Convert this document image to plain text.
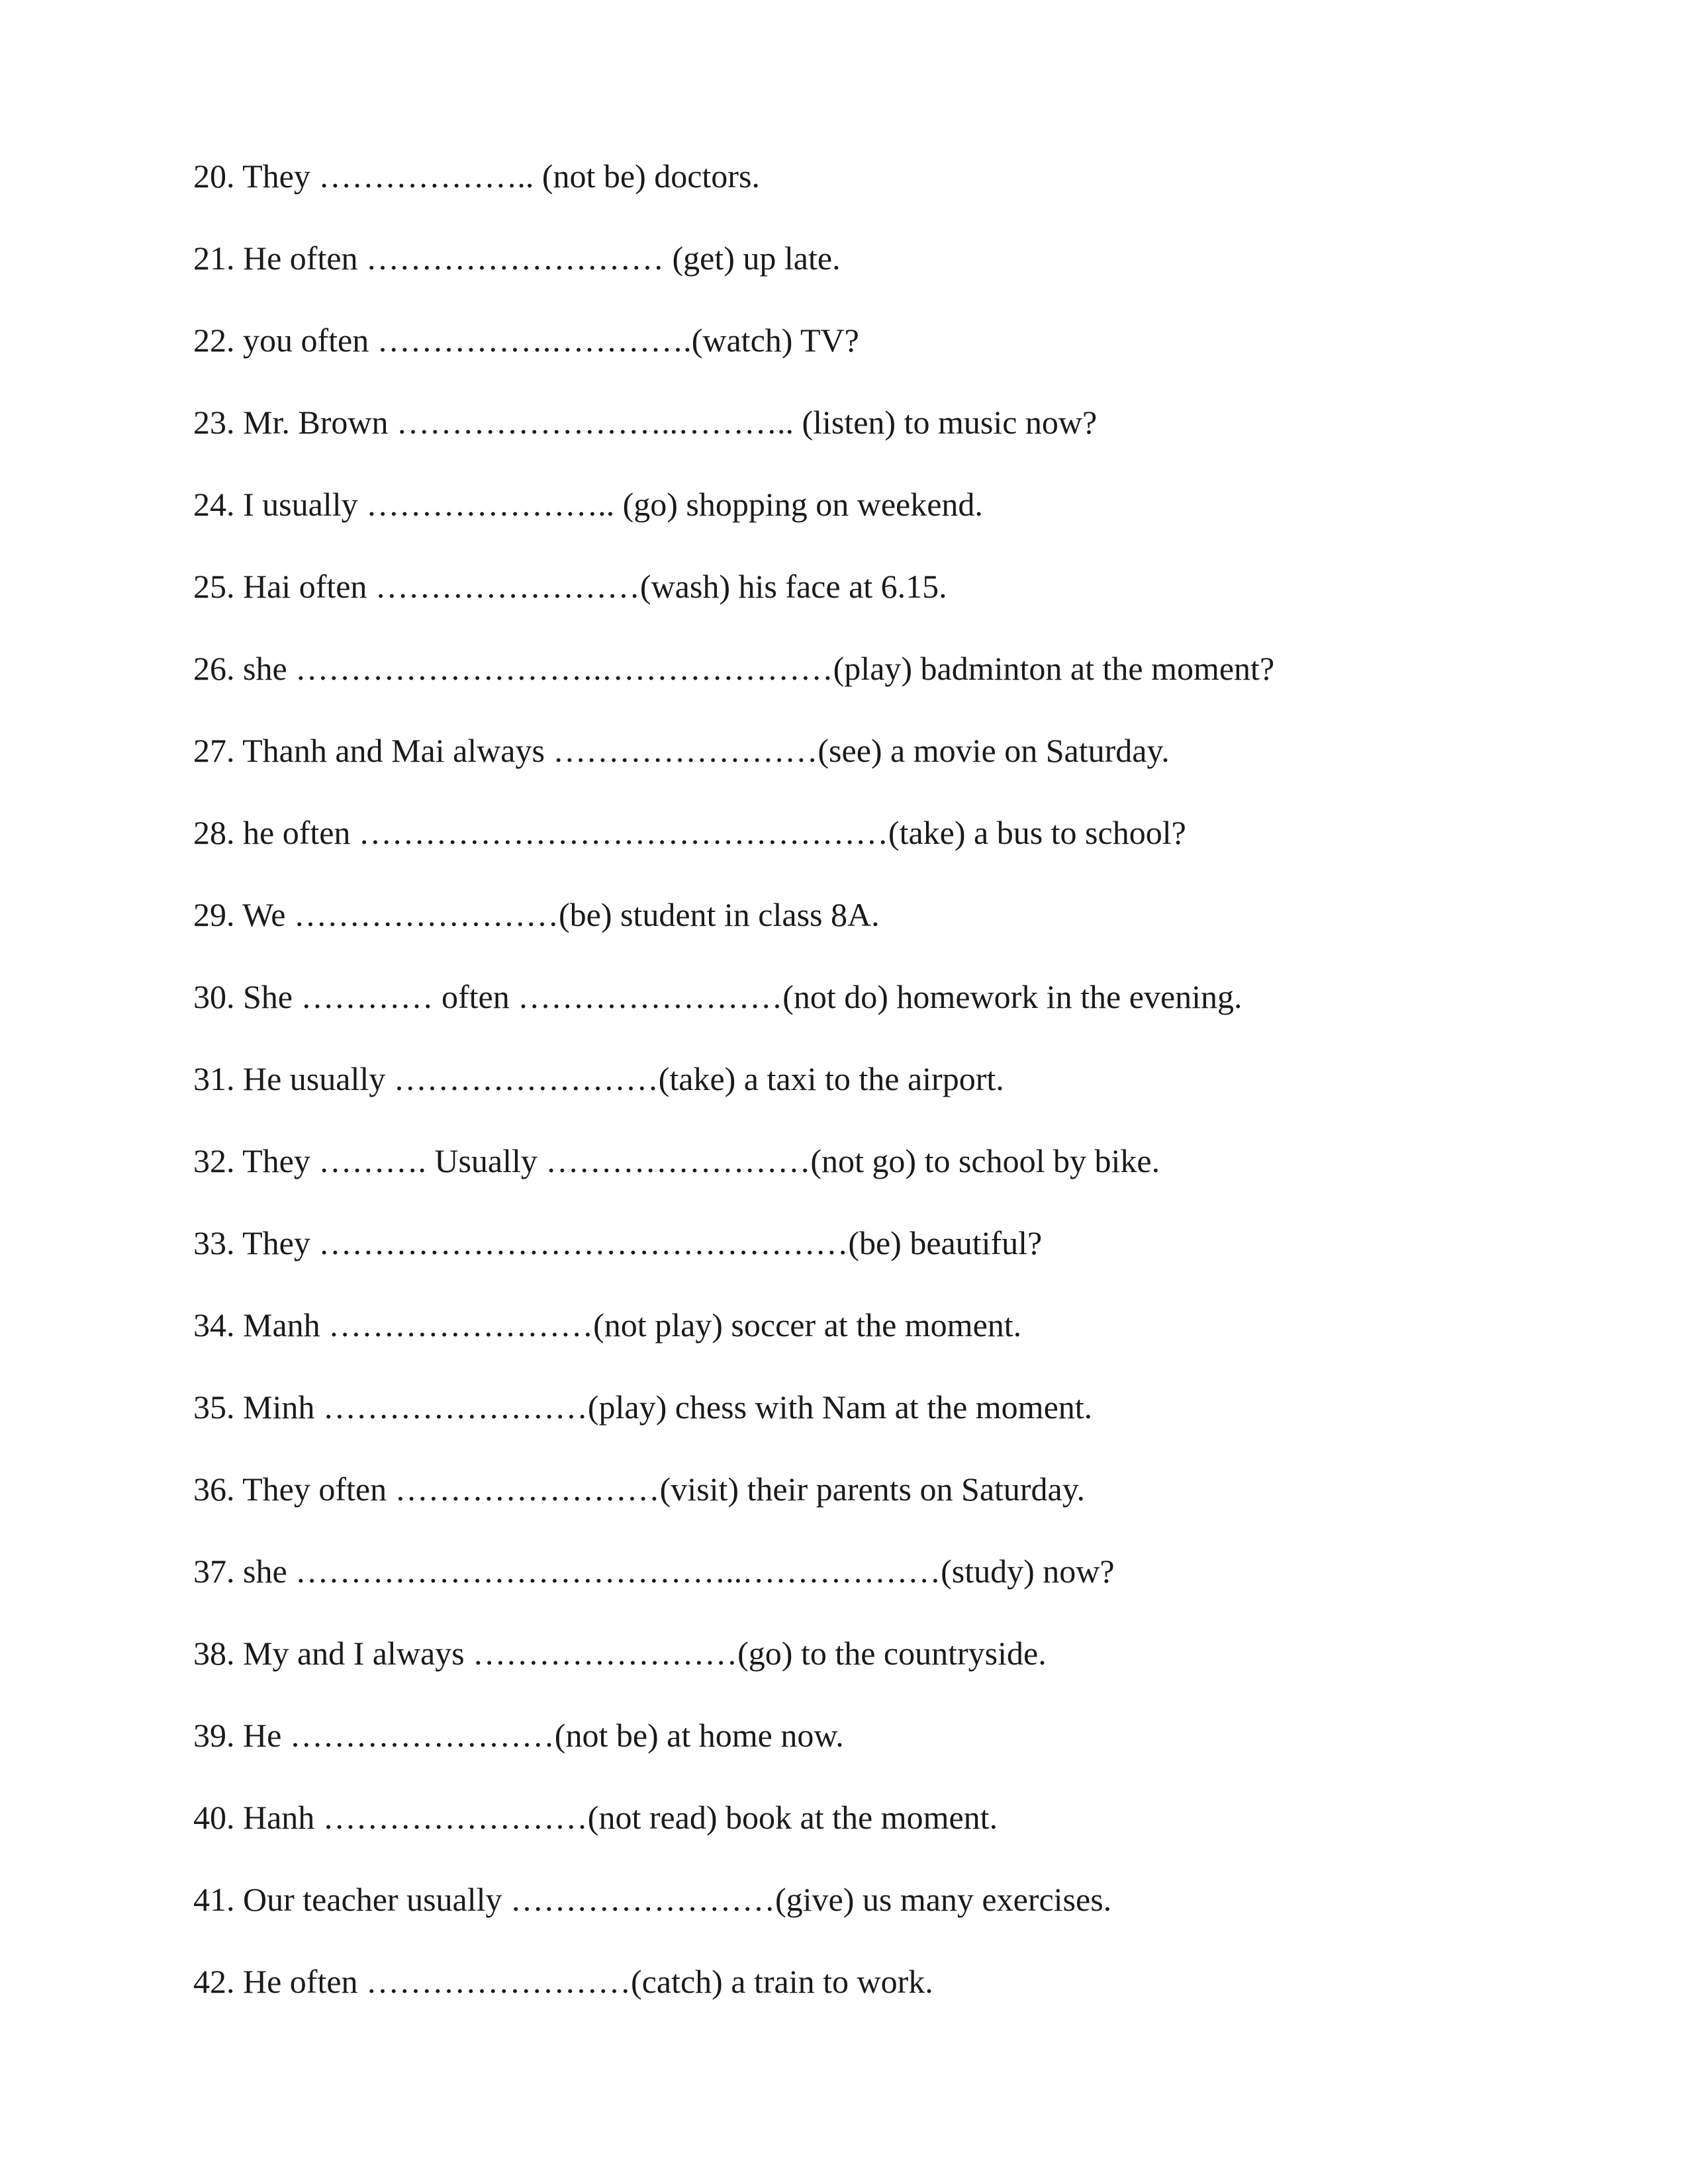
20. They ……………….. (not be) doctors.
21. He often ……………………… (get) up late.
22. you often …………….………….(watch) TV?
23. Mr. Brown ……………………..……….. (listen) to music now?
24. I usually ………………….. (go) shopping on weekend.
25. Hai often ……………………(wash) his face at 6.15.
26. she ……………………….…………………(play) badminton at the moment?
27. Thanh and Mai always ……………………(see) a movie on Saturday.
28. he often …………………………………………(take) a bus to school?
29. We ……………………(be) student in class 8A.
30. She ………… often ……………………(not do) homework in the evening.
31. He usually ……………………(take) a taxi to the airport.
32. They ………. Usually ……………………(not go) to school by bike.
33. They …………………………………………(be) beautiful?
34. Manh ……………………(not play) soccer at the moment.
35. Minh ……………………(play) chess with Nam at the moment.
36. They often ……………………(visit) their parents on Saturday.
37. she …………………………………..………………(study) now?
38. My and I always ……………………(go) to the countryside.
39. He ……………………(not be) at home now.
40. Hanh ……………………(not read) book at the moment.
41. Our teacher usually ……………………(give) us many exercises.
42. He often ……………………(catch) a train to work.
